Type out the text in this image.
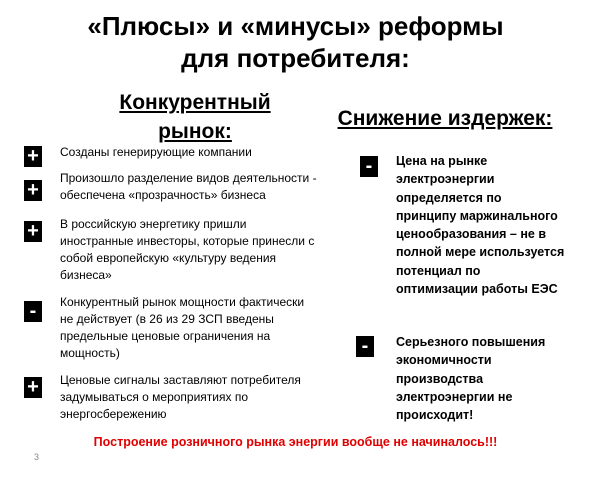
«Плюсы» и «минусы» реформы
для потребителя:
Конкурентный
рынок:
Снижение издержек:
+ Созданы генерирующие компании
+
Произошло разделение видов деятельности -
обеспечена «прозрачность» бизнеса
+ В российскую энергетику пришли
иностранные инвесторы, которые принесли с
собой европейскую «культуру ведения
бизнеса»
-	Конкурентный рынок мощности фактически
не действует (в 26 из 29 ЗСП введены
предельные ценовые ограничения на
мощность)
+ Ценовые сигналы заставляют потребителя
задумываться о мероприятиях по
энергосбережению
-	Цена на рынке
электроэнергии
определяется по
принципу маржинального
ценообразования – не в
полной мере используется
потенциал по
оптимизации работы ЕЭС
-	Серьезного повышения
экономичности
производства
электроэнергии не
происходит!
Построение розничного рынка энергии вообще не начиналось!!!
3
